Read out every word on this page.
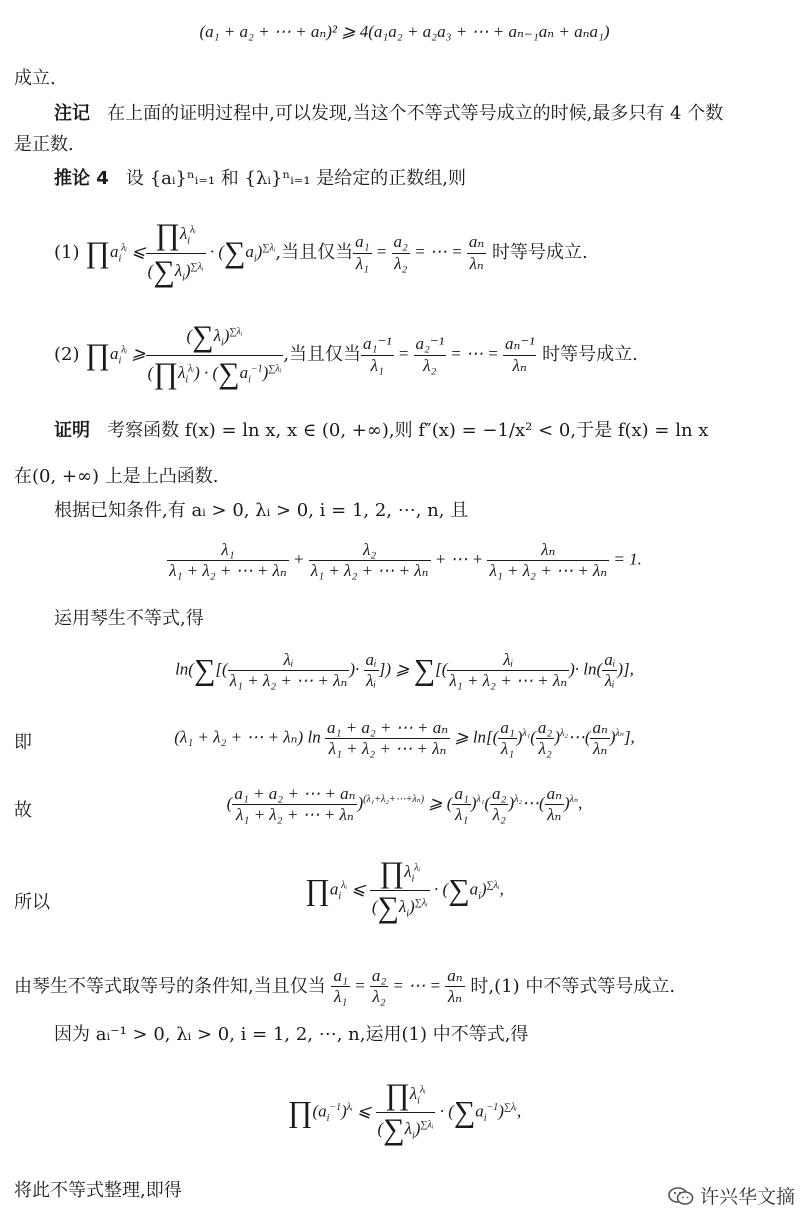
(a₁ + a₂ + ⋯ + aₙ)² ⩾ 4(a₁a₂ + a₂a₃ + ⋯ + aₙ₋₁aₙ + aₙa₁)
成立.
注记 在上面的证明过程中,可以发现,当这个不等式等号成立的时候,最多只有 4 个数
是正数.
推论 4 设 {aᵢ}ⁿᵢ₌₁ 和 {λᵢ}ⁿᵢ₌₁ 是给定的正数组,则
(1)
$\prod a_i^{\lambda ᵢ}$ ⩽ $\frac{\prod\lambda_i^{\lambda ᵢ}}{(\sum\lambda_i)^{\sum\lambda ᵢ}} \cdot (\sum a_i)^{\sum\lambda ᵢ}$ ,当且仅当 $\frac{\text{a₁}}{\text{λ₁}} = \frac{\text{a₂}}{\text{λ₂}}$ = ⋯ = $\frac{\text{aₙ}}{\text{λₙ}}$
时等号成立.
(2)
$\prod a_i^{\lambda ᵢ}$ ⩾ $\frac{(\sum\lambda_i)^{\sum\lambda ᵢ}}{(\prod\lambda_i^{\lambda ᵢ}) \cdot (\sum a_i^{-1})^{\sum\lambda ᵢ}}$ ,当且仅当 $\frac{\text{a₁⁻¹}}{\text{λ₁}} = \frac{\text{a₂⁻¹}}{\text{λ₂}}$ = ⋯ = $\frac{\text{aₙ⁻¹}}{\text{λₙ}}$
时等号成立.
证明 考察函数 f(x) = ln x, x ∈ (0, +∞),则 f″(x) = −1/x² < 0,于是 f(x) = ln x
在(0, +∞) 上是上凸函数.
根据已知条件,有 aᵢ > 0, λᵢ > 0, i = 1, 2, ⋯, n, 且
$\frac{\text{λ₁}}{\text{λ₁ + λ₂ + ⋯ + λₙ}} + \frac{\text{λ₂}}{\text{λ₁ + λ₂ + ⋯ + λₙ}}$ + ⋯ + $\frac{\text{λₙ}}{\text{λ₁ + λ₂ + ⋯ + λₙ}} = 1$.
运用琴生不等式,得
$\ln(\sum[( \frac{\text{λᵢ}}{\text{λ₁ + λ₂ + ⋯ + λₙ}}$ )· $\frac{\text{aᵢ}}{\text{λᵢ}}$ ]) ⩾ ∑[( $\frac{\text{λᵢ}}{\text{λ₁ + λ₂ + ⋯ + λₙ}}$ )· $\ln( \frac{\text{aᵢ}}{\text{λᵢ}}$ )],
即	(λ₁ + λ₂ + ⋯ + λₙ) $\ln \frac{\text{a₁ + a₂ + ⋯ + aₙ}}{\text{λ₁ + λ₂ + ⋯ + λₙ}}$ ⩾ $\ln[( \frac{\text{a₁}}{\text{λ₁}} )^{\lambda_1}( \frac{\text{a₂}}{\text{λ₂}}$ )$^{\lambda_2}\cdots( \frac{\text{aₙ}}{\text{λₙ}} )^{\lambda_n}$],
故	( $\frac{\text{a₁ + a₂ + ⋯ + aₙ}}{\text{λ₁ + λ₂ + ⋯ + λₙ}} )^{(\lambda_1+\lambda_2+\cdots+\lambda_n)}$ ⩾ ( $\frac{\text{a₁}}{\text{λ₁}} )^{\lambda_1}( \frac{\text{a₂}}{\text{λ₂}}$ )$^{\lambda_2}\cdots( \frac{\text{aₙ}}{\text{λₙ}} )^{\lambda_n}$,
所以	$\prod a_i^{\lambda ᵢ}$ ⩽ $\frac{\prod\lambda_i^{\lambda ᵢ}}{(\sum\lambda_i)^{\sum\lambda ᵢ}} \cdot (\sum a_i)^{\sum\lambda ᵢ}$,
由琴生不等式取等号的条件知,当且仅当
$\frac{\text{a₁}}{\text{λ₁}} = \frac{\text{a₂}}{\text{λ₂}}$ = ⋯ = $\frac{\text{aₙ}}{\text{λₙ}}$
时,(1) 中不等式等号成立.
因为 aᵢ⁻¹ > 0, λᵢ > 0, i = 1, 2, ⋯, n,运用(1) 中不等式,得
$\prod(a_i^{-1})^{\lambda ᵢ}$ ⩽ $\frac{\prod\lambda_i^{\lambda ᵢ}}{(\sum\lambda_i)^{\sum\lambda ᵢ}} \cdot (\sum a_i^{-1})^{\sum\lambda ᵢ}$,
将此不等式整理,即得	许兴华文摘
